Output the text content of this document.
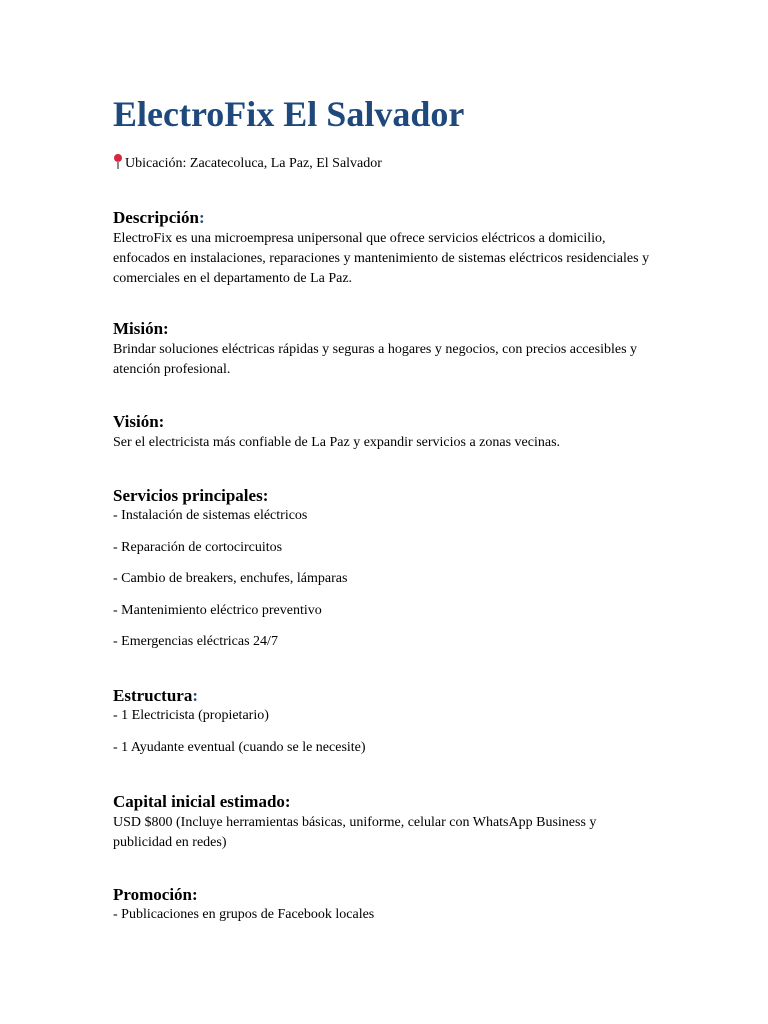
ElectroFix El Salvador
Ubicación: Zacatecoluca, La Paz, El Salvador
Descripción:

ElectroFix es una microempresa unipersonal que ofrece servicios eléctricos a domicilio, enfocados en instalaciones, reparaciones y mantenimiento de sistemas eléctricos residenciales y comerciales en el departamento de La Paz.

Misión:

Brindar soluciones eléctricas rápidas y seguras a hogares y negocios, con precios accesibles y atención profesional.

Visión:

Ser el electricista más confiable de La Paz y expandir servicios a zonas vecinas.

Servicios principales:
- Instalación de sistemas eléctricos
- Reparación de cortocircuitos
- Cambio de breakers, enchufes, lámparas
- Mantenimiento eléctrico preventivo
- Emergencias eléctricas 24/7
Estructura:
- 1 Electricista (propietario)
- 1 Ayudante eventual (cuando se le necesite)
Capital inicial estimado:

USD $800 (Incluye herramientas básicas, uniforme, celular con WhatsApp Business y publicidad en redes)

Promoción:
- Publicaciones en grupos de Facebook locales
